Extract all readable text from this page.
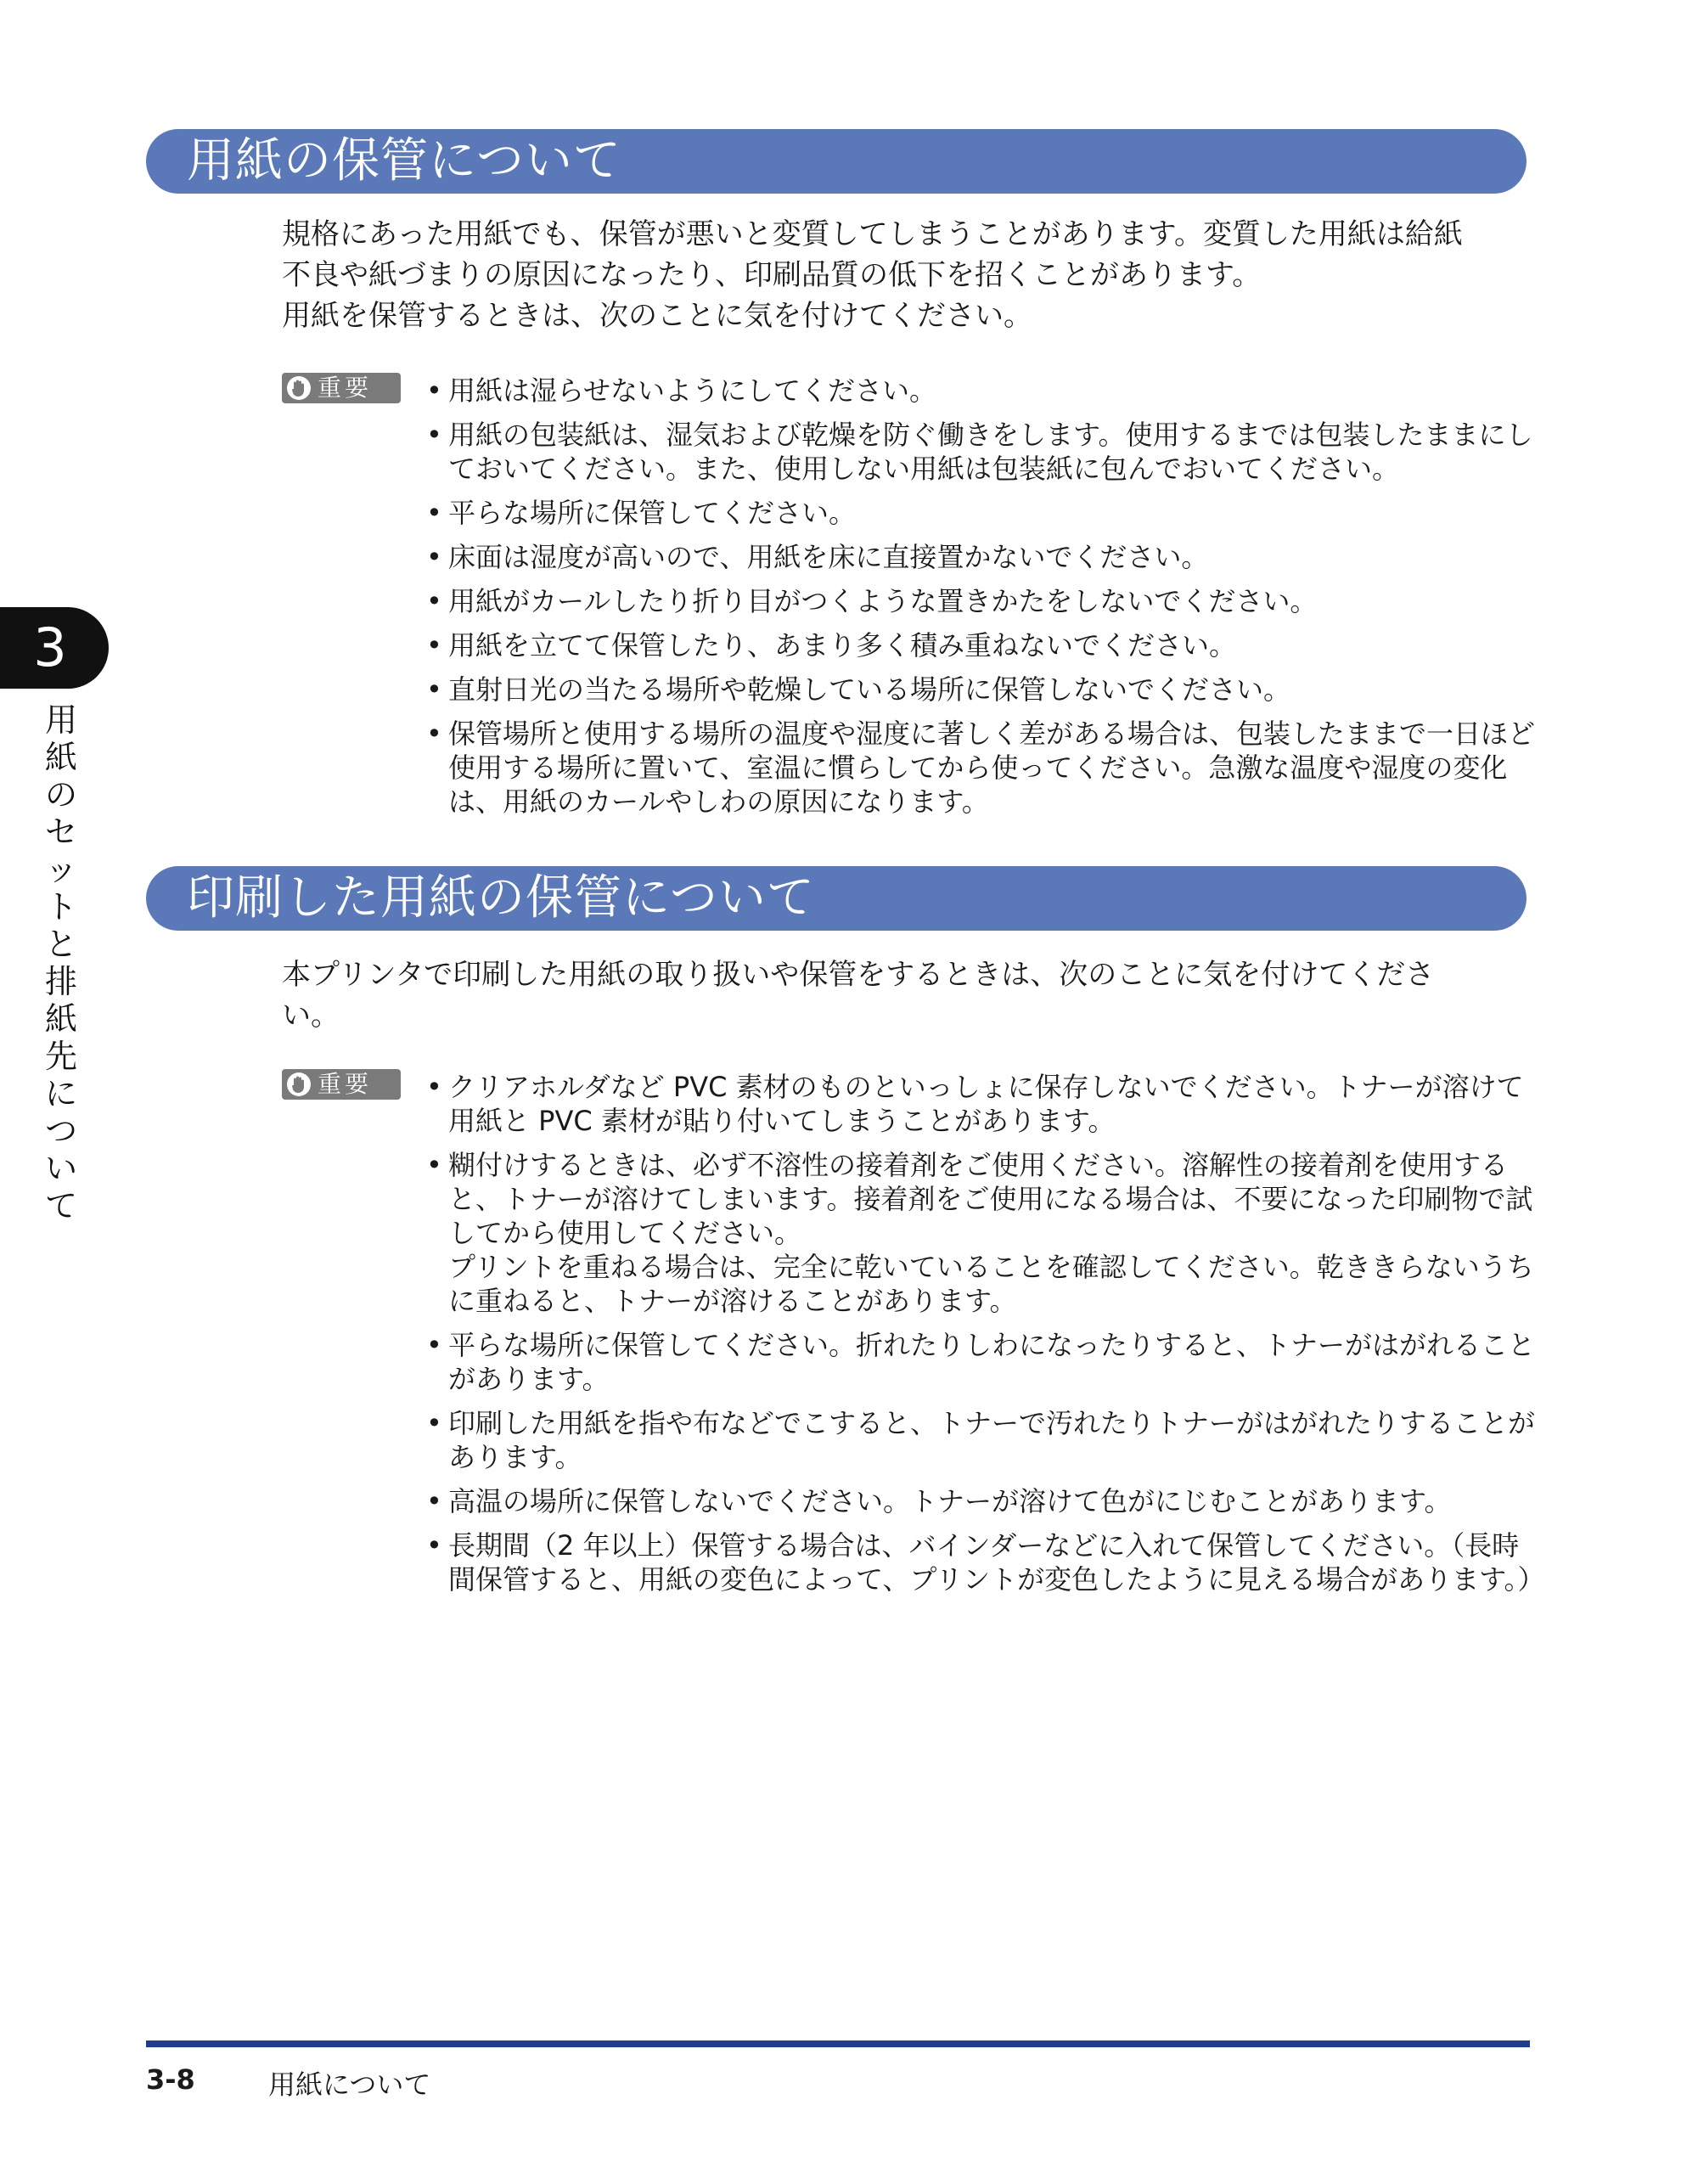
3
用
紙
の
セ
ッ
ト
と
排
紙
先
に
つ
い
て
用紙の保管について

規格にあった用紙でも、保管が悪いと変質してしまうことがあります。変質した用紙は給紙

不良や紙づまりの原因になったり、印刷品質の低下を招くことがあります。

用紙を保管するときは、次のことに気を付けてください。

重要 • 用紙は湿らせないようにしてください。
• 用紙の包装紙は、湿気および乾燥を防ぐ働きをします。使用するまでは包装したままにし
ておいてください。また、使用しない用紙は包装紙に包んでおいてください。
• 平らな場所に保管してください。
• 床面は湿度が高いので、用紙を床に直接置かないでください。
• 用紙がカールしたり折り目がつくような置きかたをしないでください。
• 用紙を立てて保管したり、あまり多く積み重ねないでください。
• 直射日光の当たる場所や乾燥している場所に保管しないでください。
• 保管場所と使用する場所の温度や湿度に著しく差がある場合は、包装したままで一日ほど
使用する場所に置いて、室温に慣らしてから使ってください。急激な温度や湿度の変化
は、用紙のカールやしわの原因になります。
印刷した用紙の保管について

本プリンタで印刷した用紙の取り扱いや保管をするときは、次のことに気を付けてくださ

い。

重要 • クリアホルダなど PVC 素材のものといっしょに保存しないでください。トナーが溶けて
用紙と PVC 素材が貼り付いてしまうことがあります。
• 糊付けするときは、必ず不溶性の接着剤をご使用ください。溶解性の接着剤を使用する
と、トナーが溶けてしまいます。接着剤をご使用になる場合は、不要になった印刷物で試
してから使用してください。
プリントを重ねる場合は、完全に乾いていることを確認してください。乾ききらないうち
に重ねると、トナーが溶けることがあります。
• 平らな場所に保管してください。折れたりしわになったりすると、トナーがはがれること
があります。
• 印刷した用紙を指や布などでこすると、トナーで汚れたりトナーがはがれたりすることが
あります。
• 高温の場所に保管しないでください。トナーが溶けて色がにじむことがあります。
• 長期間（2 年以上）保管する場合は、バインダーなどに入れて保管してください。（長時
間保管すると、用紙の変色によって、プリントが変色したように見える場合があります。）
3-8	用紙について
